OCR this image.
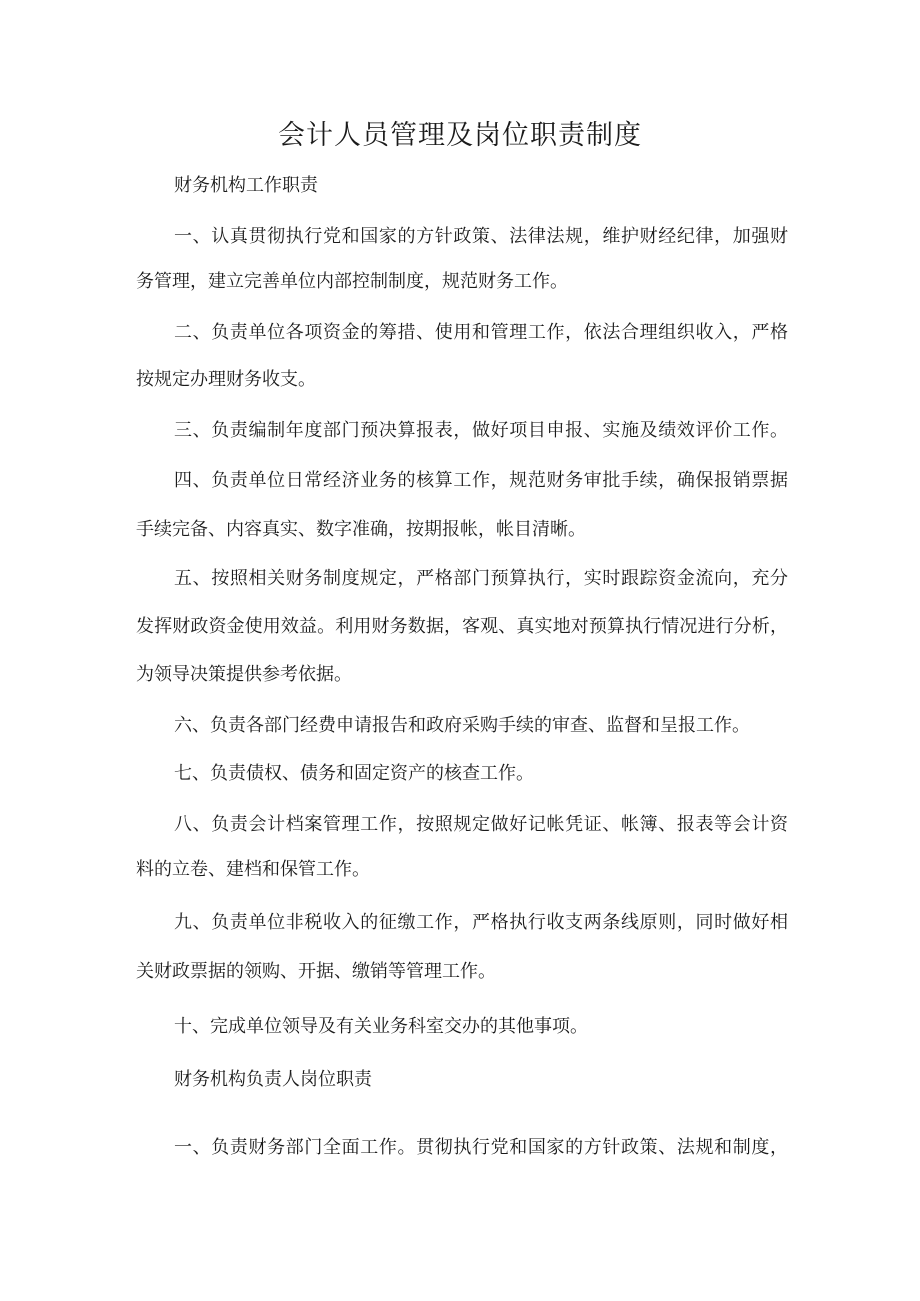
会计人员管理及岗位职责制度

财务机构工作职责

一、认真贯彻执行党和国家的方针政策、法律法规，维护财经纪律，加强财

务管理，建立完善单位内部控制制度，规范财务工作。

二、负责单位各项资金的筹措、使用和管理工作，依法合理组织收入，严格

按规定办理财务收支。

三、负责编制年度部门预决算报表，做好项目申报、实施及绩效评价工作。

四、负责单位日常经济业务的核算工作，规范财务审批手续，确保报销票据

手续完备、内容真实、数字准确，按期报帐，帐目清晰。

五、按照相关财务制度规定，严格部门预算执行，实时跟踪资金流向，充分

发挥财政资金使用效益。利用财务数据，客观、真实地对预算执行情况进行分析，

为领导决策提供参考依据。

六、负责各部门经费申请报告和政府采购手续的审查、监督和呈报工作。

七、负责债权、债务和固定资产的核查工作。

八、负责会计档案管理工作，按照规定做好记帐凭证、帐簿、报表等会计资

料的立卷、建档和保管工作。

九、负责单位非税收入的征缴工作，严格执行收支两条线原则，同时做好相

关财政票据的领购、开据、缴销等管理工作。

十、完成单位领导及有关业务科室交办的其他事项。

财务机构负责人岗位职责

一、负责财务部门全面工作。贯彻执行党和国家的方针政策、法规和制度，
